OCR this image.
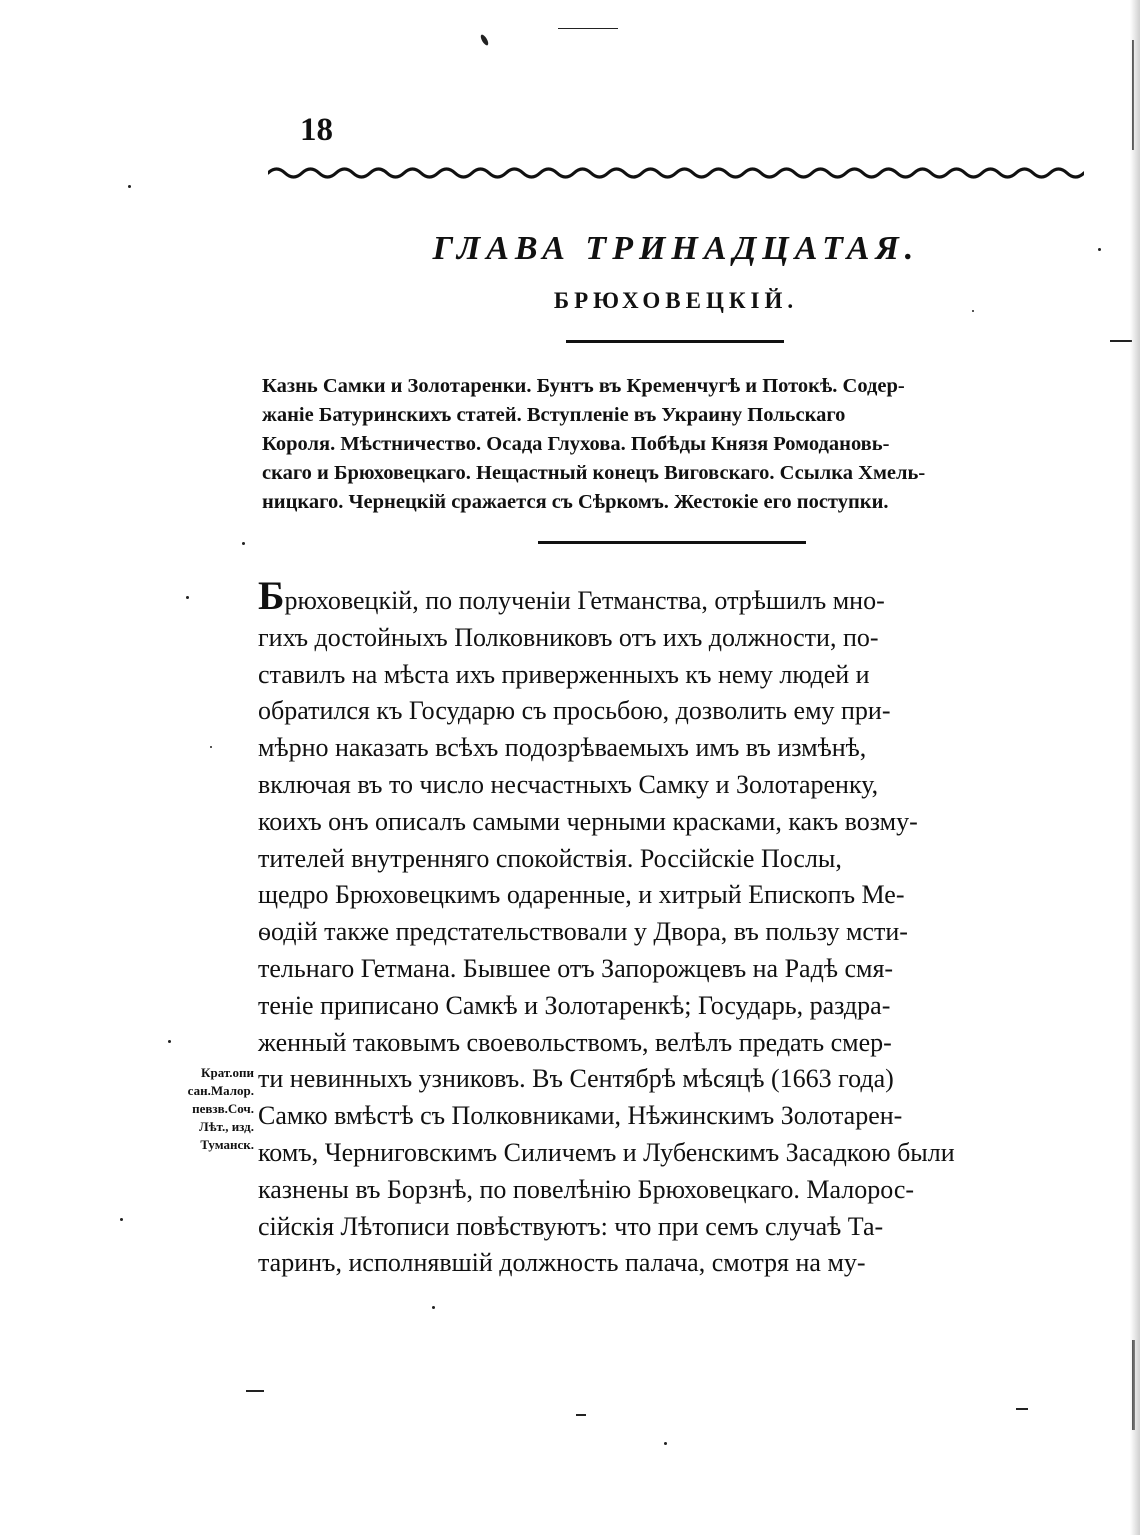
18
ГЛАВА ТРИНАДЦАТАЯ.
БРЮХОВЕЦКІЙ.
Казнь Самки и Золотаренки. Бунтъ въ Кременчугѣ и Потокѣ. Содер-
жаніе Батуринскихъ статей. Вступленіе въ Украину Польскаго
Короля. Мѣстничество. Осада Глухова. Побѣды Князя Ромодановь-
скаго и Брюховецкаго. Нещастный конецъ Виговскаго. Ссылка Хмель-
ницкаго. Чернецкій сражается съ Сѣркомъ. Жестокіе его поступки.
Брюховецкій, по полученіи Гетманства, отрѣшилъ мно-
гихъ достойныхъ Полковниковъ отъ ихъ должности, по-
ставилъ на мѣста ихъ приверженныхъ къ нему людей и
обратился къ Государю съ просьбою, дозволить ему при-
мѣрно наказать всѣхъ подозрѣваемыхъ имъ въ измѣнѣ,
включая въ то число несчастныхъ Самку и Золотаренку,
коихъ онъ описалъ самыми черными красками, какъ возму-
тителей внутренняго спокойствія. Россійскіе Послы,
щедро Брюховецкимъ одаренные, и хитрый Епископъ Ме-
ѳодій также предстательствовали у Двора, въ пользу мсти-
тельнаго Гетмана. Бывшее отъ Запорожцевъ на Радѣ смя-
теніе приписано Самкѣ и Золотаренкѣ; Государь, раздра-
женный таковымъ своевольствомъ, велѣлъ предать смер-
ти невинныхъ узниковъ. Въ Сентябрѣ мѣсяцѣ (1663 года)
Самко вмѣстѣ съ Полковниками, Нѣжинскимъ Золотарен-
комъ, Черниговскимъ Силичемъ и Лубенскимъ Засадкою были
казнены въ Борзнѣ, по повелѣнію Брюховецкаго. Малорос-
сійскія Лѣтописи повѣствуютъ: что при семъ случаѣ Та-
таринъ, исполнявшій должность палача, смотря на му-
Крат.опи
сан.Малор.
певзв.Соч.
Лѣт., изд.
Туманск.
